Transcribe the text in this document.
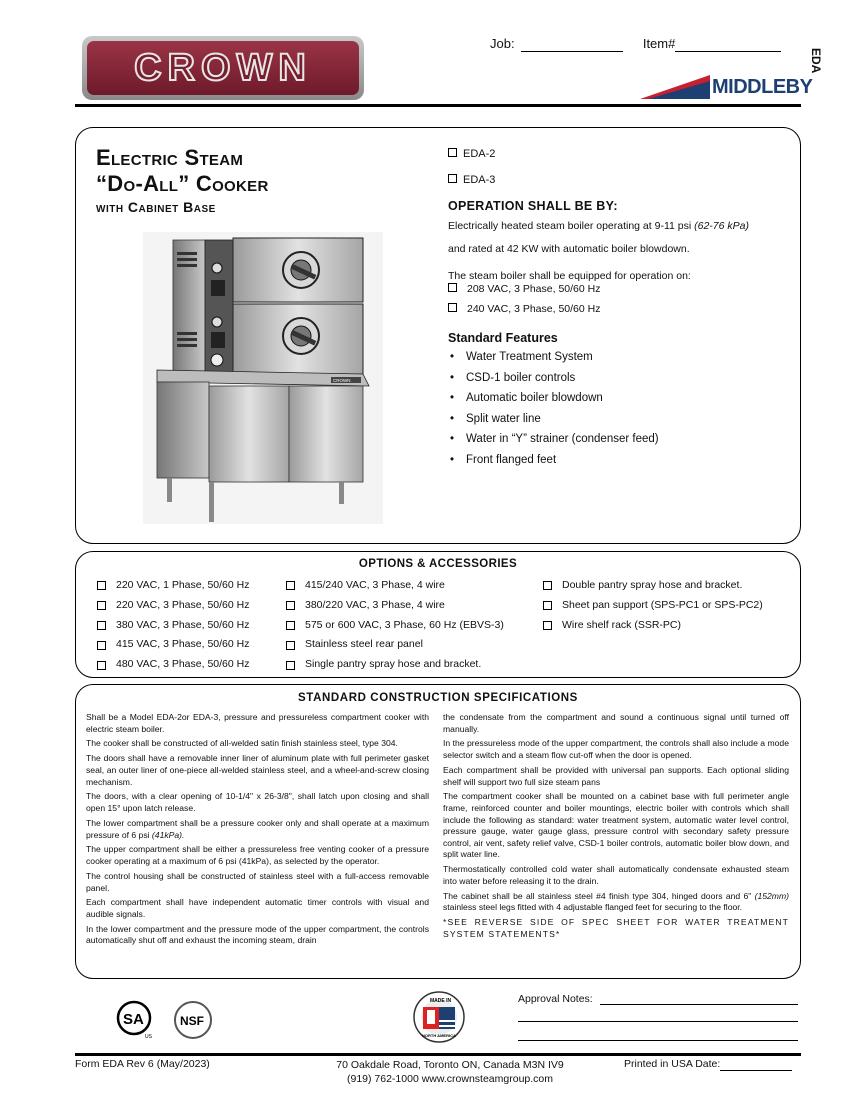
CROWN
Job:	Item#
EDA
MIDDLEBY
Electric Steam
“Do-All” Cooker
with Cabinet Base
EDA-2
EDA-3
OPERATION SHALL BE BY:
Electrically heated steam boiler operating at 9-11 psi (62-76 kPa)
and rated at 42 KW with automatic boiler blowdown.
The steam boiler shall be equipped for operation on:
208 VAC, 3 Phase, 50/60 Hz
240 VAC, 3 Phase, 50/60 Hz
Standard Features
• Water Treatment System
• CSD-1 boiler controls
• Automatic boiler blowdown
• Split water line
• Water in “Y” strainer (condenser feed)
• Front flanged feet
CROWN
OPTIONS & ACCESSORIES
220 VAC, 1 Phase, 50/60 Hz
220 VAC, 3 Phase, 50/60 Hz
380 VAC, 3 Phase, 50/60 Hz
415 VAC, 3 Phase, 50/60 Hz
480 VAC, 3 Phase, 50/60 Hz
415/240 VAC, 3 Phase, 4 wire
380/220 VAC, 3 Phase, 4 wire
575 or 600 VAC, 3 Phase, 60 Hz (EBVS-3)
Stainless steel rear panel
Single pantry spray hose and bracket.
Double pantry spray hose and bracket.
Sheet pan support (SPS-PC1 or SPS-PC2)
Wire shelf rack (SSR-PC)
STANDARD CONSTRUCTION SPECIFICATIONS

Shall be a Model EDA-2or EDA-3, pressure and pressureless compartment cooker with electric steam boiler.

The cooker shall be constructed of all-welded satin finish stainless steel, type 304.

The doors shall have a removable inner liner of aluminum plate with full perimeter gasket seal, an outer liner of one-piece all-welded stainless steel, and a wheel-and-screw closing mechanism.

The doors, with a clear opening of 10-1/4" x 26-3/8", shall latch upon closing and shall open 15° upon latch release.

The lower compartment shall be a pressure cooker only and shall operate at a maximum pressure of 6 psi (41kPa).

The upper compartment shall be either a pressureless free venting cooker of a pressure cooker operating at a maximum of 6 psi (41kPa), as selected by the operator.

The control housing shall be constructed of stainless steel with a full-access removable panel.

Each compartment shall have independent automatic timer controls with visual and audible signals.

In the lower compartment and the pressure mode of the upper compartment, the controls automatically shut off and exhaust the incoming steam, drain

the condensate from the compartment and sound a continuous signal until turned off manually.

In the pressureless mode of the upper compartment, the controls shall also include a mode selector switch and a steam flow cut-off when the door is opened.

Each compartment shall be provided with universal pan supports. Each optional sliding shelf will support two full size steam pans

The compartment cooker shall be mounted on a cabinet base with full perimeter angle frame, reinforced counter and boiler mountings, electric boiler with controls which shall include the following as standard: water treatment system, automatic water level control, pressure gauge, water gauge glass, pressure control with secondary safety pressure control, air vent, safety relief valve, CSD-1 boiler controls, automatic boiler blow down, and split water line.

Thermostatically controlled cold water shall automatically condensate exhausted steam into water before releasing it to the drain.

The cabinet shall be all stainless steel #4 finish type 304, hinged doors and 6" (152mm) stainless steel legs fitted with 4 adjustable flanged feet for securing to the floor.

*SEE REVERSE SIDE OF SPEC SHEET FOR WATER TREATMENT SYSTEM STATEMENTS*

SA
US
NSF
MADE IN
NORTH AMERICA
Approval Notes:
Form EDA Rev 6 (May/2023)	70 Oakdale Road, Toronto ON, Canada M3N IV9
(919) 762-1000 www.crownsteamgroup.com
Printed in USA Date:
